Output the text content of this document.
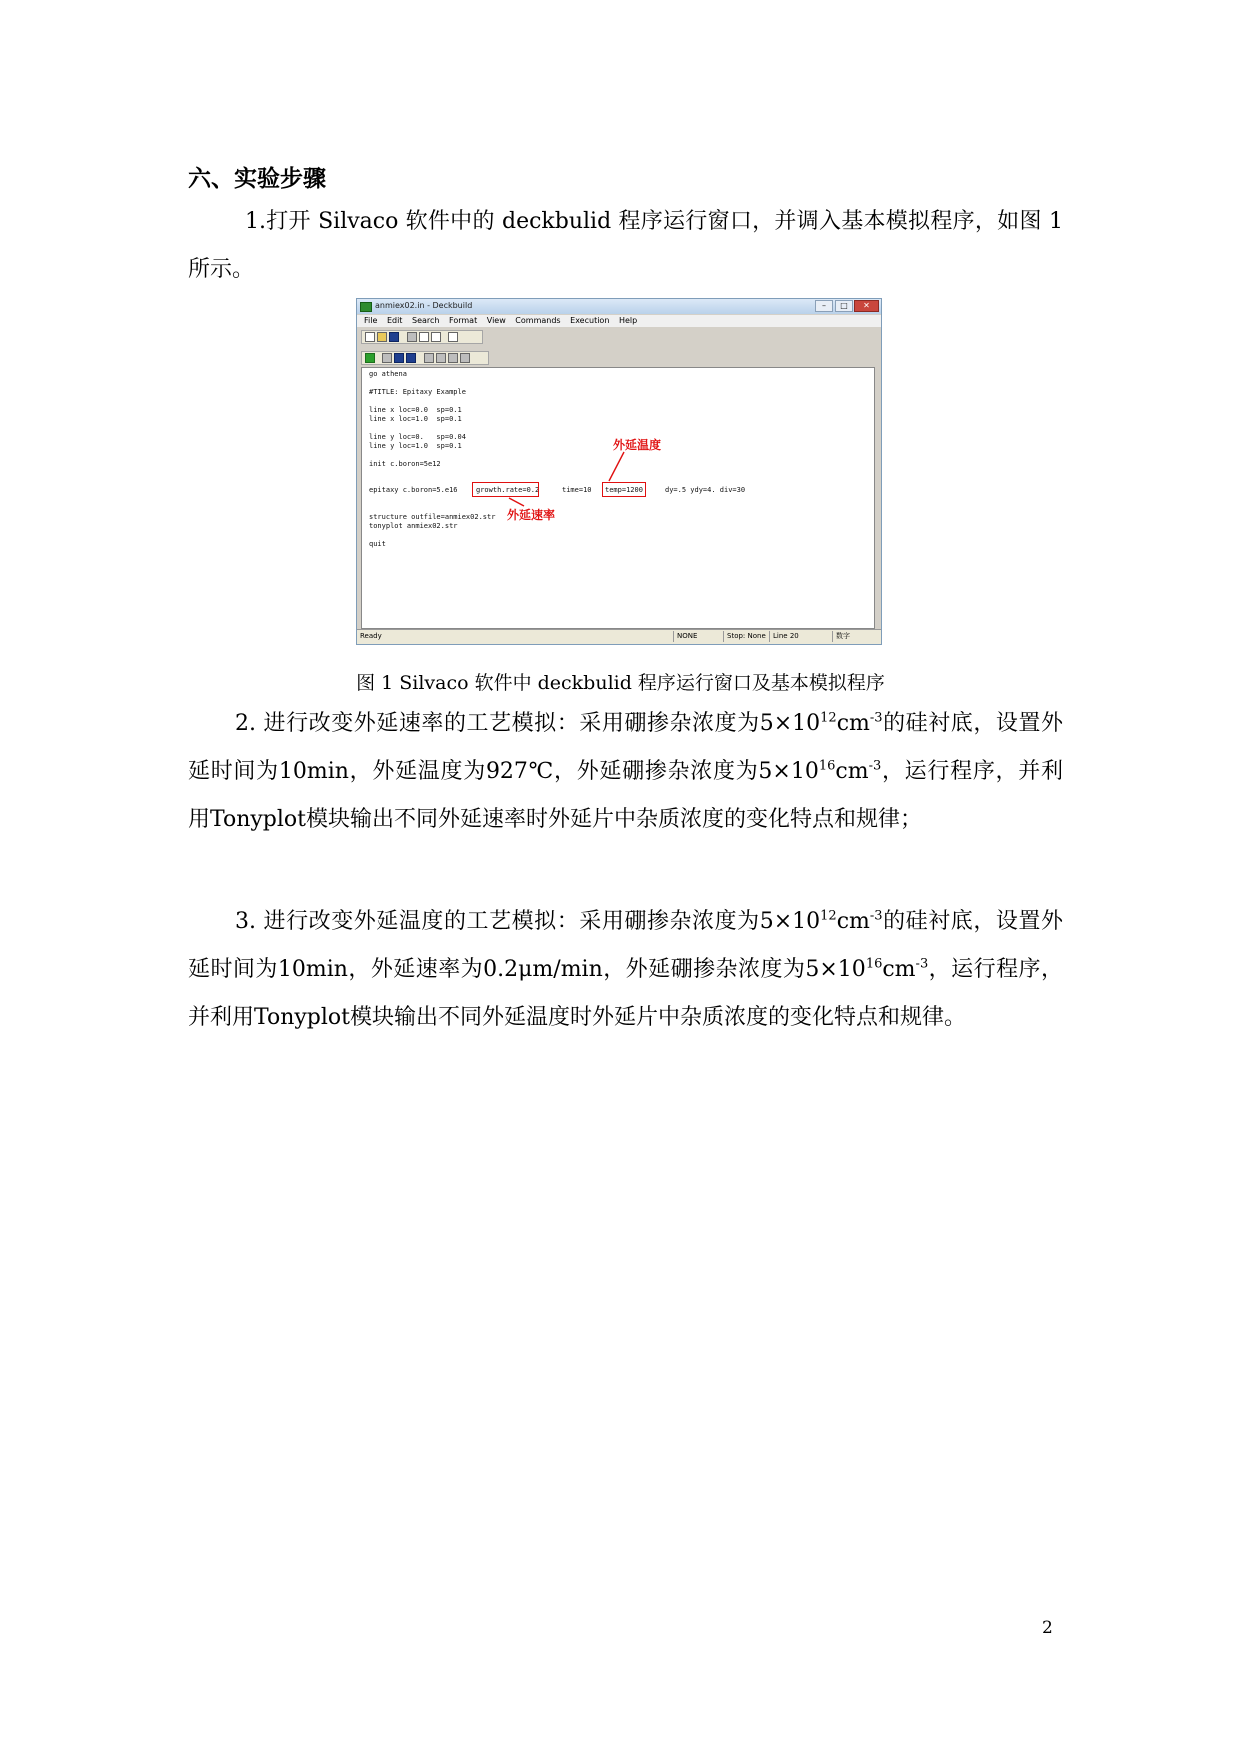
六、实验步骤

1.打开 Silvaco 软件中的 deckbulid 程序运行窗口，并调入基本模拟程序，如图 1 所示。

anmiex02.in - Deckbuild	–	□	✕
File Edit Search Format View Commands Execution Help
go athena
#TITLE: Epitaxy Example
line x loc=0.0  sp=0.1
line x loc=1.0  sp=0.1
line y loc=0.   sp=0.04
line y loc=1.0  sp=0.1
init c.boron=5e12
epitaxy c.boron=5.e16	growth.rate=0.2	time=10 temp=1200	dy=.5 ydy=4. div=30
外延温度
外延速率
structure outfile=anmiex02.str
tonyplot anmiex02.str
quit
Ready	NONE	Stop: None	Line 20	数字

图 1 Silvaco 软件中 deckbulid 程序运行窗口及基本模拟程序

2. 进行改变外延速率的工艺模拟：采用硼掺杂浓度为$5\times 10^{12}cm^{-3}$的硅衬底，设置外延时间为10min，外延温度为927℃，外延硼掺杂浓度为$5\times 10^{16}cm^{-3}$，运行程序，并利用Tonyplot模块输出不同外延速率时外延片中杂质浓度的变化特点和规律；

3. 进行改变外延温度的工艺模拟：采用硼掺杂浓度为$5\times 10^{12}cm^{-3}$的硅衬底，设置外延时间为10min，外延速率为0.2μm/min，外延硼掺杂浓度为$5\times 10^{16}cm^{-3}$，运行程序，并利用Tonyplot模块输出不同外延温度时外延片中杂质浓度的变化特点和规律。

2
